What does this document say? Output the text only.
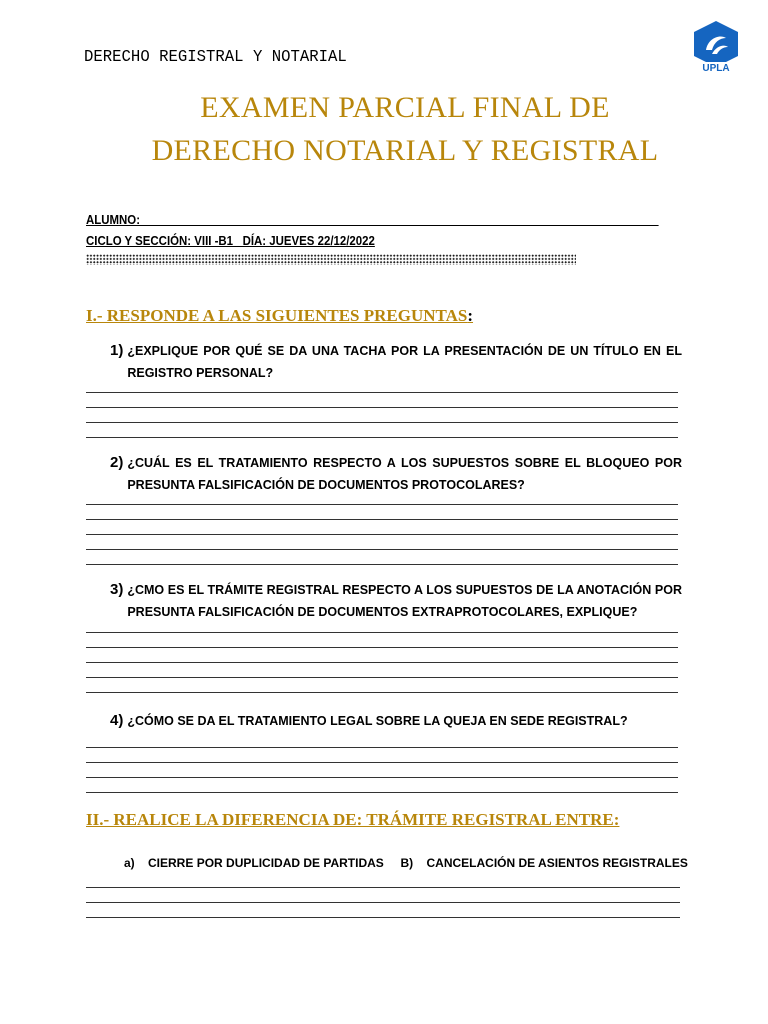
DERECHO REGISTRAL Y NOTARIAL
UPLA
EXAMEN PARCIAL FINAL DE
DERECHO NOTARIAL Y REGISTRAL
ALUMNO:___________________________________________________ ______________________________
CICLO Y SECCIÓN: VIII -B1   DÍA: JUEVES 22/12/2022
I.- RESPONDE A LAS SIGUIENTES PREGUNTAS:
1) ¿EXPLIQUE POR QUÉ SE DA UNA TACHA POR LA PRESENTACIÓN DE UN TÍTULO EN EL REGISTRO PERSONAL?
2) ¿CUÁL ES EL TRATAMIENTO RESPECTO A LOS SUPUESTOS SOBRE EL BLOQUEO POR PRESUNTA FALSIFICACIÓN DE DOCUMENTOS PROTOCOLARES?
3) ¿CMO ES EL TRÁMITE REGISTRAL RESPECTO A LOS SUPUESTOS DE LA ANOTACIÓN POR PRESUNTA FALSIFICACIÓN DE DOCUMENTOS EXTRAPROTOCOLARES, EXPLIQUE?
4) ¿CÓMO SE DA EL TRATAMIENTO LEGAL SOBRE LA QUEJA EN SEDE REGISTRAL?
II.- REALICE LA DIFERENCIA DE: TRÁMITE REGISTRAL ENTRE:
a) CIERRE POR DUPLICIDAD DE PARTIDAS B) CANCELACIÓN DE ASIENTOS REGISTRALES
